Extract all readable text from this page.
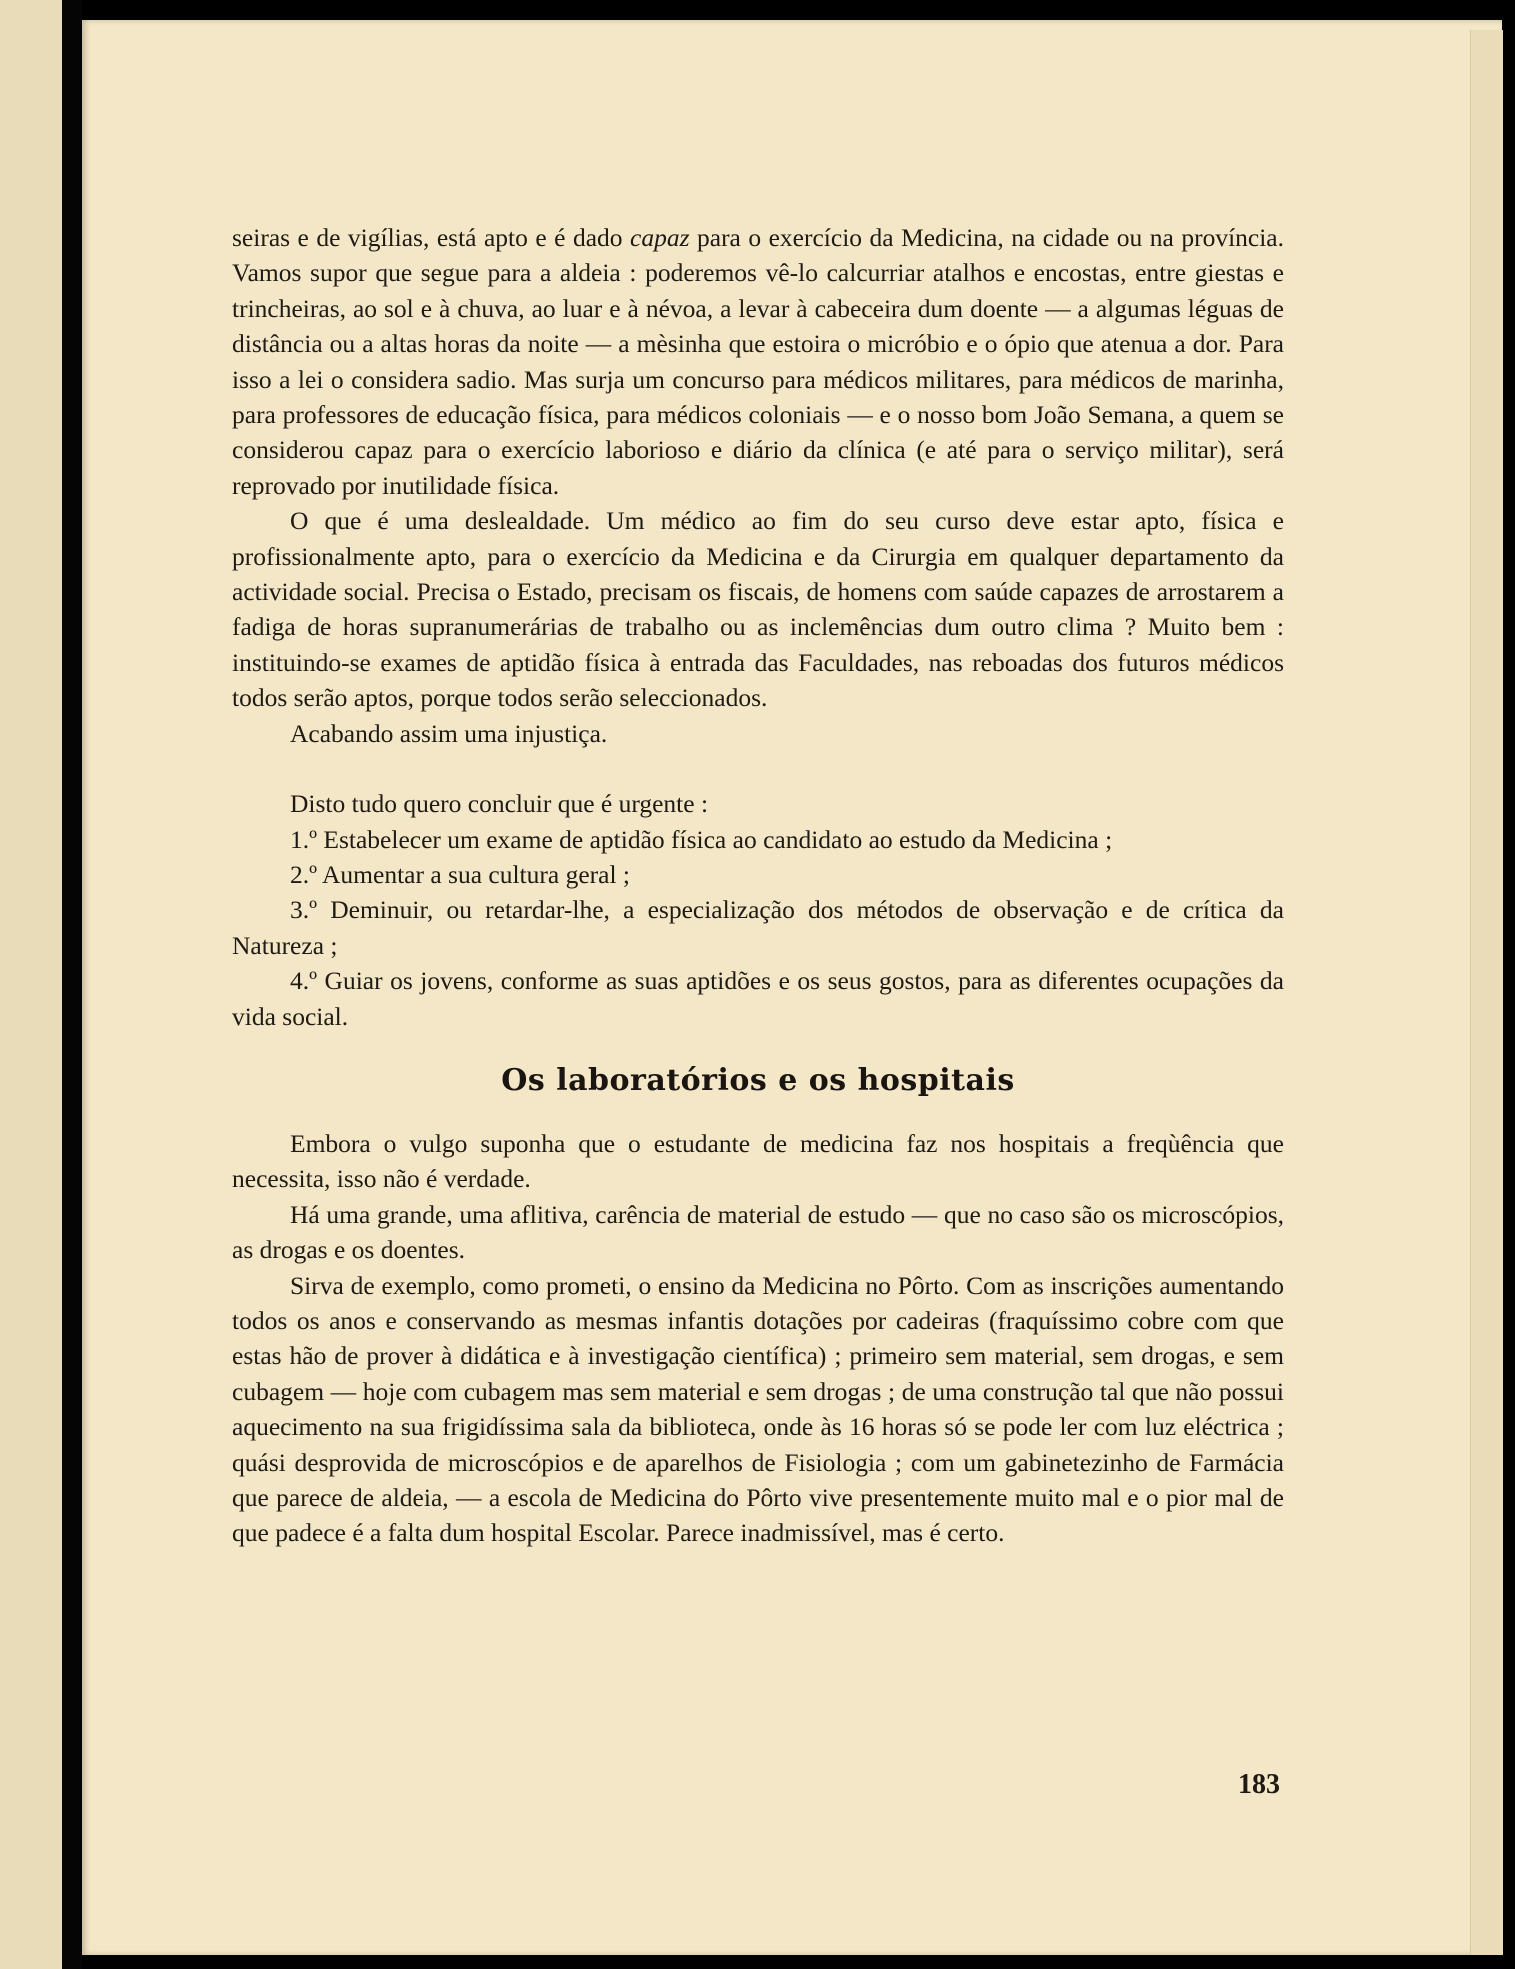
seiras e de vigílias, está apto e é dado capaz para o exercício da Medicina, na cidade ou na província. Vamos supor que segue para a aldeia : poderemos vê-lo calcurriar atalhos e encostas, entre giestas e trincheiras, ao sol e à chuva, ao luar e à névoa, a levar à cabeceira dum doente — a algumas léguas de distância ou a altas horas da noite — a mèsinha que estoira o micróbio e o ópio que atenua a dor. Para isso a lei o considera sadio. Mas surja um concurso para médicos militares, para médicos de marinha, para professores de educação física, para médicos coloniais — e o nosso bom João Semana, a quem se considerou capaz para o exercício laborioso e diário da clínica (e até para o serviço militar), será reprovado por inutilidade física.

O que é uma deslealdade. Um médico ao fim do seu curso deve estar apto, física e profissionalmente apto, para o exercício da Medicina e da Cirurgia em qualquer departamento da actividade social. Precisa o Estado, precisam os fiscais, de homens com saúde capazes de arrostarem a fadiga de horas supranumerárias de trabalho ou as inclemências dum outro clima ? Muito bem : instituindo-se exames de aptidão física à entrada das Faculdades, nas reboadas dos futuros médicos todos serão aptos, porque todos serão seleccionados.

Acabando assim uma injustiça.

Disto tudo quero concluir que é urgente :

1.º Estabelecer um exame de aptidão física ao candidato ao estudo da Medicina ;

2.º Aumentar a sua cultura geral ;

3.º Deminuir, ou retardar-lhe, a especialização dos métodos de observação e de crítica da Natureza ;

4.º Guiar os jovens, conforme as suas aptidões e os seus gostos, para as diferentes ocupações da vida social.

Os laboratórios e os hospitais

Embora o vulgo suponha que o estudante de medicina faz nos hospitais a freqùência que necessita, isso não é verdade.

Há uma grande, uma aflitiva, carência de material de estudo — que no caso são os microscópios, as drogas e os doentes.

Sirva de exemplo, como prometi, o ensino da Medicina no Pôrto. Com as inscrições aumentando todos os anos e conservando as mesmas infantis dotações por cadeiras (fraquíssimo cobre com que estas hão de prover à didática e à investigação científica) ; primeiro sem material, sem drogas, e sem cubagem — hoje com cubagem mas sem material e sem drogas ; de uma construção tal que não possui aquecimento na sua frigidíssima sala da biblioteca, onde às 16 horas só se pode ler com luz eléctrica ; quási desprovida de microscópios e de aparelhos de Fisiologia ; com um gabinetezinho de Farmácia que parece de aldeia, — a escola de Medicina do Pôrto vive presentemente muito mal e o pior mal de que padece é a falta dum hospital Escolar. Parece inadmissível, mas é certo.

183
